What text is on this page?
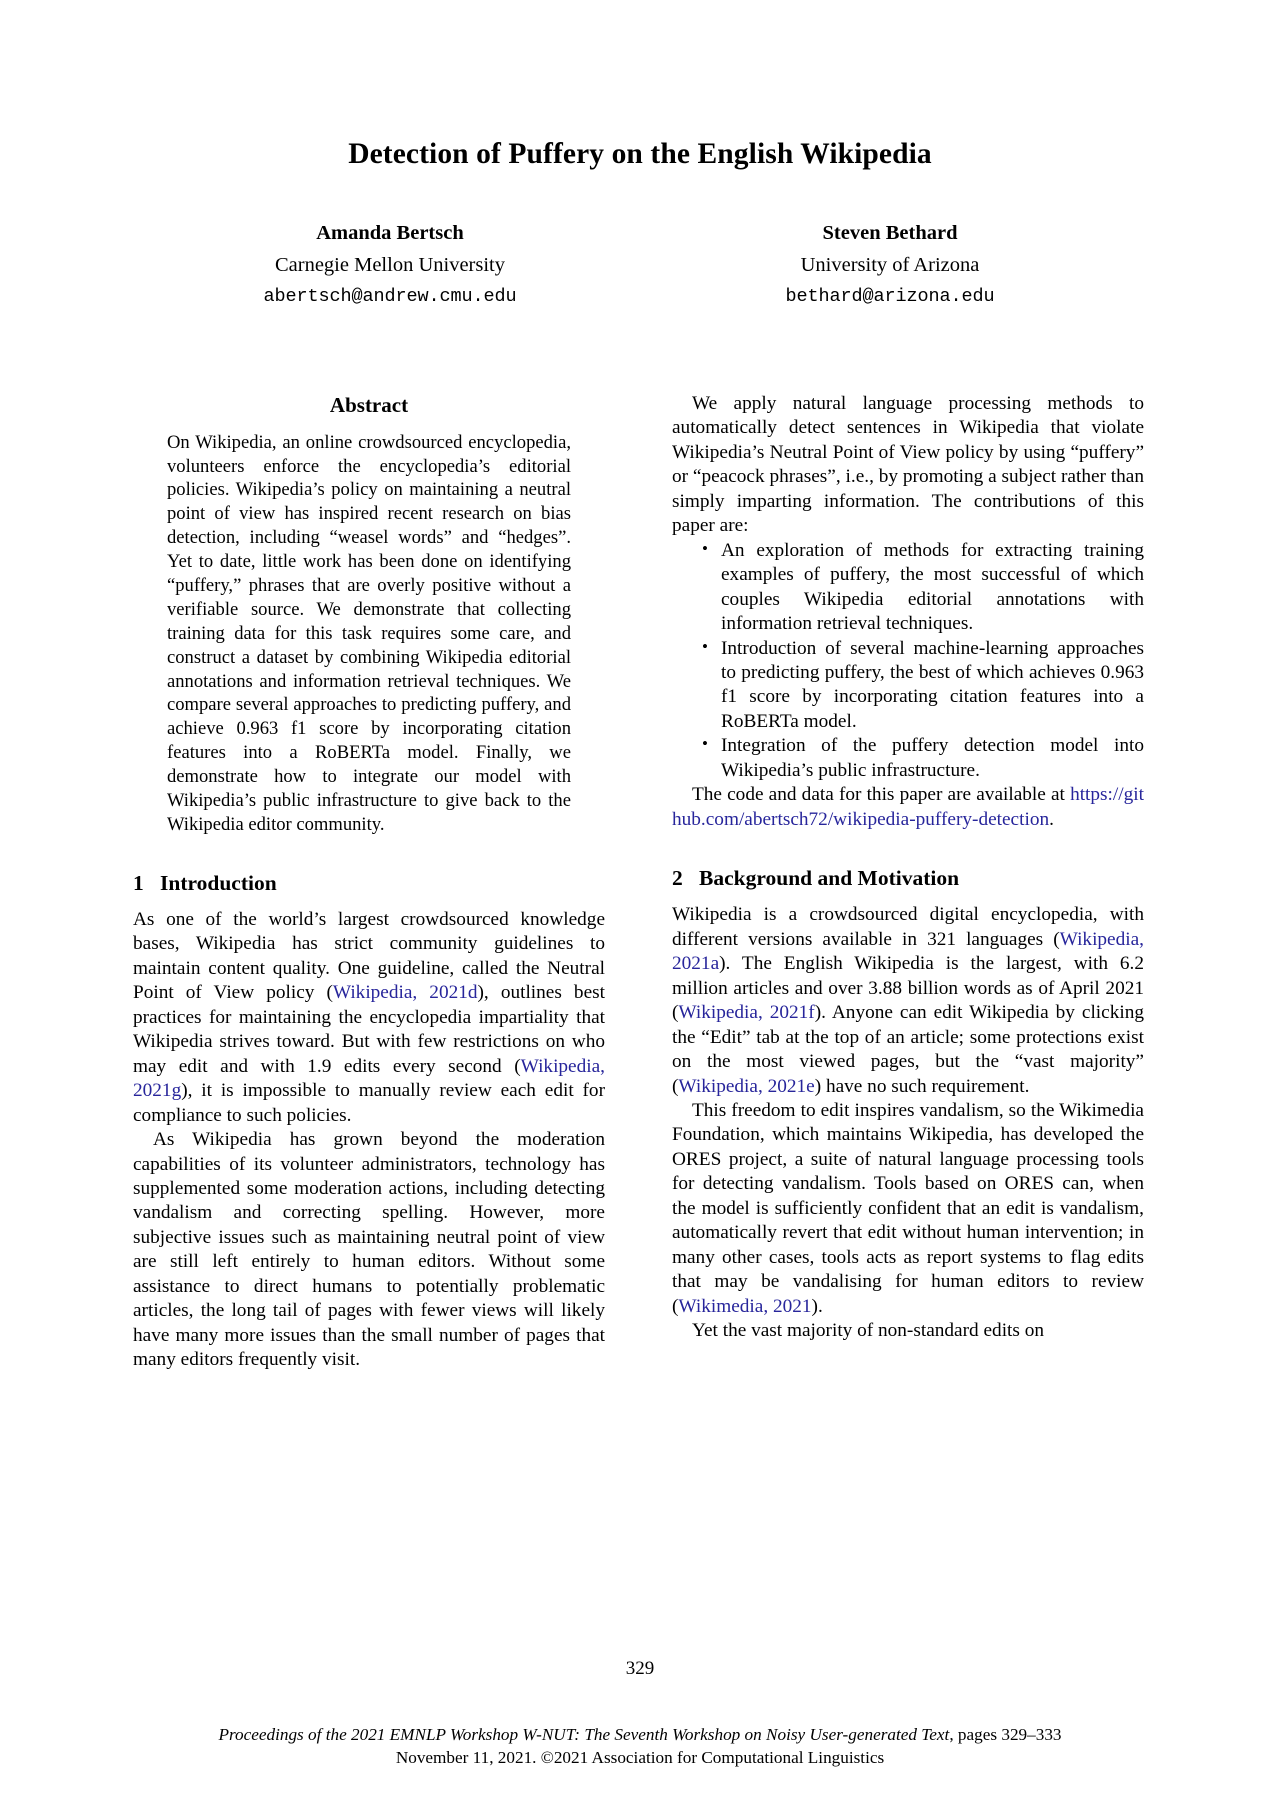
Detection of Puffery on the English Wikipedia
Amanda Bertsch
Carnegie Mellon University
abertsch@andrew.cmu.edu
Steven Bethard
University of Arizona
bethard@arizona.edu
Abstract

On Wikipedia, an online crowdsourced encyclopedia, volunteers enforce the encyclopedia’s editorial policies. Wikipedia’s policy on maintaining a neutral point of view has inspired recent research on bias detection, including “weasel words” and “hedges”. Yet to date, little work has been done on identifying “puffery,” phrases that are overly positive without a verifiable source. We demonstrate that collecting training data for this task requires some care, and construct a dataset by combining Wikipedia editorial annotations and information retrieval techniques. We compare several approaches to predicting puffery, and achieve 0.963 f1 score by incorporating citation features into a RoBERTa model. Finally, we demonstrate how to integrate our model with Wikipedia’s public infrastructure to give back to the Wikipedia editor community.

1 Introduction

As one of the world’s largest crowdsourced knowledge bases, Wikipedia has strict community guidelines to maintain content quality. One guideline, called the Neutral Point of View policy (Wikipedia, 2021d), outlines best practices for maintaining the encyclopedia impartiality that Wikipedia strives toward. But with few restrictions on who may edit and with 1.9 edits every second (Wikipedia, 2021g), it is impossible to manually review each edit for compliance to such policies.

As Wikipedia has grown beyond the moderation capabilities of its volunteer administrators, technology has supplemented some moderation actions, including detecting vandalism and correcting spelling. However, more subjective issues such as maintaining neutral point of view are still left entirely to human editors. Without some assistance to direct humans to potentially problematic articles, the long tail of pages with fewer views will likely have many more issues than the small number of pages that many editors frequently visit.

We apply natural language processing methods to automatically detect sentences in Wikipedia that violate Wikipedia’s Neutral Point of View policy by using “puffery” or “peacock phrases”, i.e., by promoting a subject rather than simply imparting information. The contributions of this paper are:

• An exploration of methods for extracting training examples of puffery, the most successful of which couples Wikipedia editorial annotations with information retrieval techniques.
• Introduction of several machine-learning approaches to predicting puffery, the best of which achieves 0.963 f1 score by incorporating citation features into a RoBERTa model.
• Integration of the puffery detection model into Wikipedia’s public infrastructure.

The code and data for this paper are available at https://github.com/abertsch72/wikipedia-puffery-detection.

2 Background and Motivation

Wikipedia is a crowdsourced digital encyclopedia, with different versions available in 321 languages (Wikipedia, 2021a). The English Wikipedia is the largest, with 6.2 million articles and over 3.88 billion words as of April 2021 (Wikipedia, 2021f). Anyone can edit Wikipedia by clicking the “Edit” tab at the top of an article; some protections exist on the most viewed pages, but the “vast majority” (Wikipedia, 2021e) have no such requirement.

This freedom to edit inspires vandalism, so the Wikimedia Foundation, which maintains Wikipedia, has developed the ORES project, a suite of natural language processing tools for detecting vandalism. Tools based on ORES can, when the model is sufficiently confident that an edit is vandalism, automatically revert that edit without human intervention; in many other cases, tools acts as report systems to flag edits that may be vandalising for human editors to review (Wikimedia, 2021).

Yet the vast majority of non-standard edits on

329
Proceedings of the 2021 EMNLP Workshop W-NUT: The Seventh Workshop on Noisy User-generated Text, pages 329–333
November 11, 2021. ©2021 Association for Computational Linguistics
